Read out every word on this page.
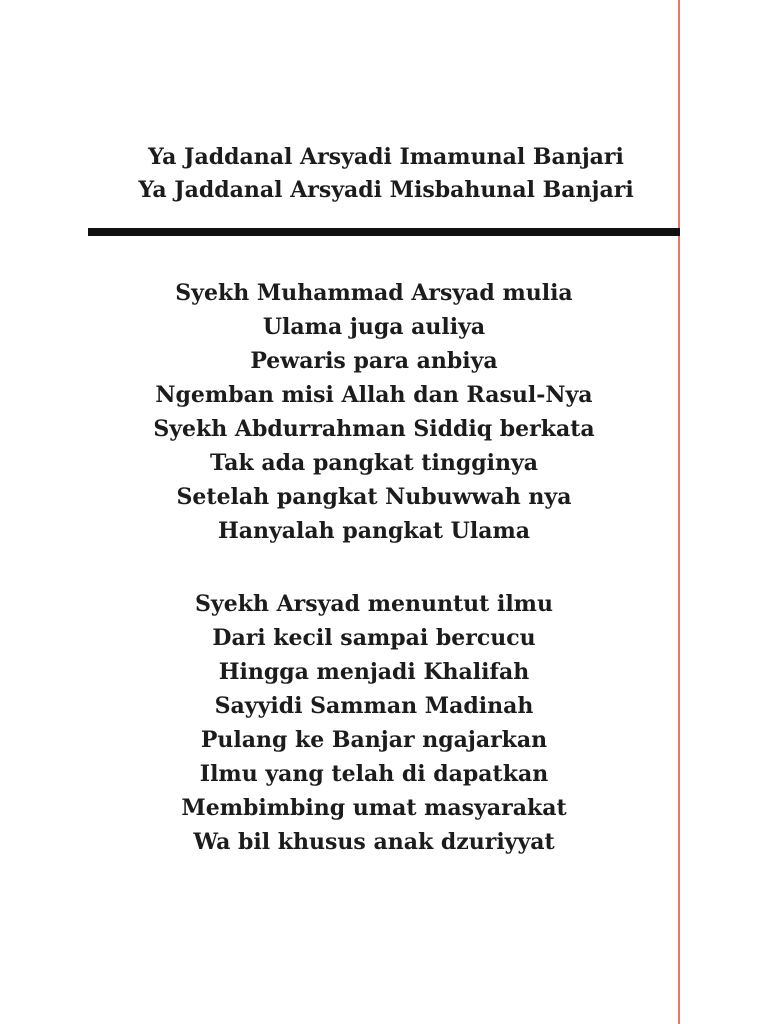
Ya Jaddanal Arsyadi Imamunal Banjari
Ya Jaddanal Arsyadi Misbahunal Banjari
Syekh Muhammad Arsyad mulia
Ulama juga auliya
Pewaris para anbiya
Ngemban misi Allah dan Rasul-Nya
Syekh Abdurrahman Siddiq berkata
Tak ada pangkat tingginya
Setelah pangkat Nubuwwah nya
Hanyalah pangkat Ulama
Syekh Arsyad menuntut ilmu
Dari kecil sampai bercucu
Hingga menjadi Khalifah
Sayyidi Samman Madinah
Pulang ke Banjar ngajarkan
Ilmu yang telah di dapatkan
Membimbing umat masyarakat
Wa bil khusus anak dzuriyyat
